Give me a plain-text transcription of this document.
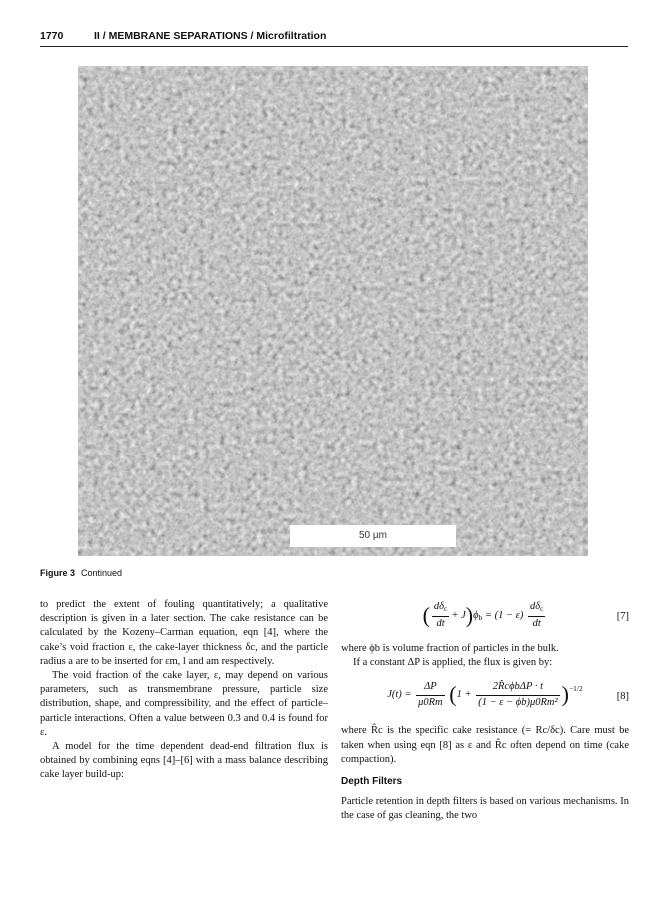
1770	II / MEMBRANE SEPARATIONS / Microfiltration
(F)	50 µm
Figure 3 Continued

to predict the extent of fouling quantitatively; a qualitative description is given in a later section. The cake resistance can be calculated by the Kozeny–Carman equation, eqn [4], where the cake’s void fraction ε, the cake-layer thickness δc, and the particle radius a are to be inserted for εm, l and am respectively.

The void fraction of the cake layer, ε, may depend on various parameters, such as transmembrane pressure, particle size distribution, shape, and compressibility, and the effect of particle–particle interactions. Often a value between 0.3 and 0.4 is found for ε.

A model for the time dependent dead-end filtration flux is obtained by combining eqns [4]–[6] with a mass balance describing cake layer build-up:

( $\frac{d\delta_c}{dt} + J)\phi_b = (1 - \varepsilon) \frac{d\delta_c}{dt}$	[7]

where ϕb is volume fraction of particles in the bulk.

If a constant ΔP is applied, the flux is given by:

$J(t) = \frac{\Delta P}{\mu 0Rm} (1 + \frac{\text{2R̂cϕbΔP · t}}{\text{(1 − ε − ϕb)μ0Rm²}} )^{-1/2}$
[8]

where R̂c is the specific cake resistance (= Rc/δc). Care must be taken when using eqn [8] as ε and R̂c often depend on time (cake compaction).

Depth Filters

Particle retention in depth filters is based on various mechanisms. In the case of gas cleaning, the two
